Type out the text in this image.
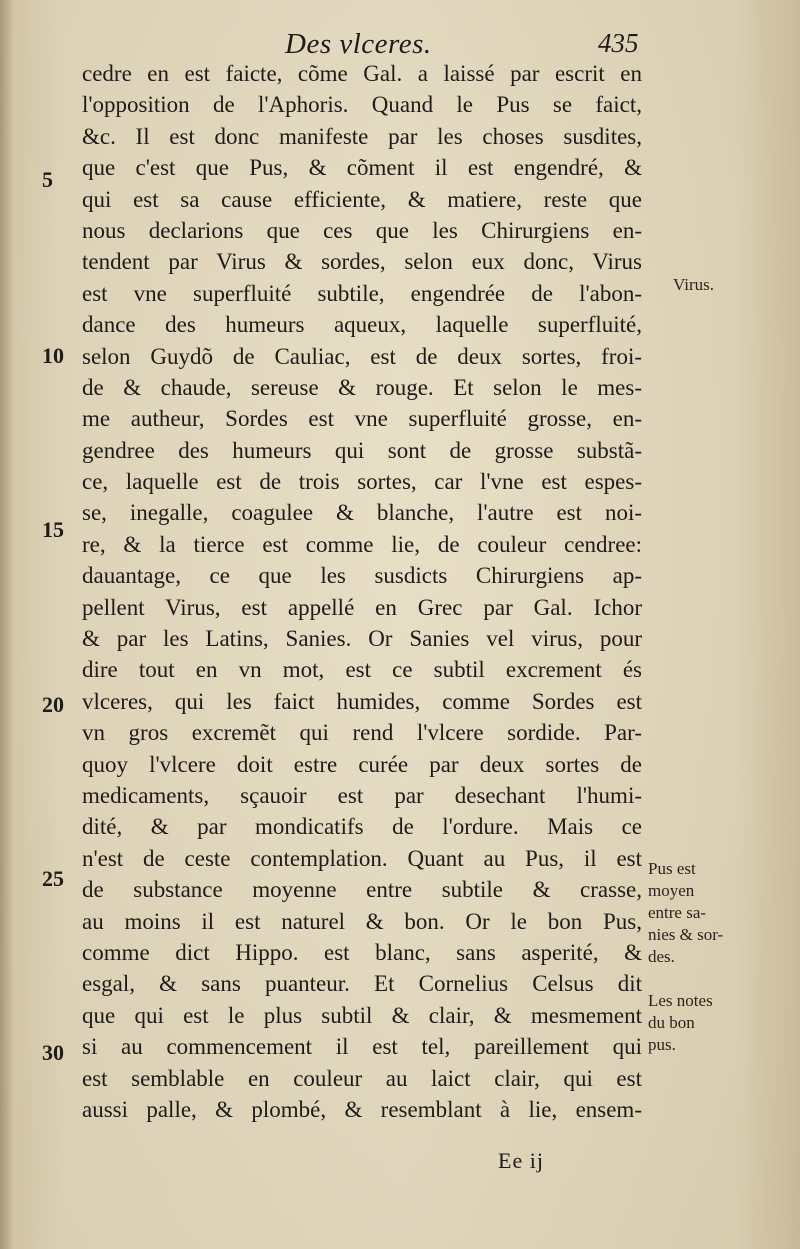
Des vlceres.	435
5
10
15
20
25
30
cedre en est faicte, cõme Gal. a laissé par escrit en
l'opposition de l'Aphoris. Quand le Pus se faict,
&c. Il est donc manifeste par les choses susdites,
que c'est que Pus, & cõment il est engendré, &
qui est sa cause efficiente, & matiere, reste que
nous declarions que ces que les Chirurgiens en-
tendent par Virus & sordes, selon eux donc, Virus
est vne superfluité subtile, engendrée de l'abon-
dance des humeurs aqueux, laquelle superfluité,
selon Guydõ de Cauliac, est de deux sortes, froi-
de & chaude, sereuse & rouge. Et selon le mes-
me autheur, Sordes est vne superfluité grosse, en-
gendree des humeurs qui sont de grosse substã-
ce, laquelle est de trois sortes, car l'vne est espes-
se, inegalle, coagulee & blanche, l'autre est noi-
re, & la tierce est comme lie, de couleur cendree:
dauantage, ce que les susdicts Chirurgiens ap-
pellent Virus, est appellé en Grec par Gal. Ichor
& par les Latins, Sanies. Or Sanies vel virus, pour
dire tout en vn mot, est ce subtil excrement és
vlceres, qui les faict humides, comme Sordes est
vn gros excremẽt qui rend l'vlcere sordide. Par-
quoy l'vlcere doit estre curée par deux sortes de
medicaments, sçauoir est par desechant l'humi-
dité, & par mondicatifs de l'ordure. Mais ce
n'est de ceste contemplation. Quant au Pus, il est
de substance moyenne entre subtile & crasse,
au moins il est naturel & bon. Or le bon Pus,
comme dict Hippo. est blanc, sans asperité, &
esgal, & sans puanteur. Et Cornelius Celsus dit
que qui est le plus subtil & clair, & mesmement
si au commencement il est tel, pareillement qui
est semblable en couleur au laict clair, qui est
aussi palle, & plombé, & resemblant à lie, ensem-
Virus.
Pus est
moyen
entre sa-
nies & sor-
des.
Les notes
du bon
pus.
Ee ij
